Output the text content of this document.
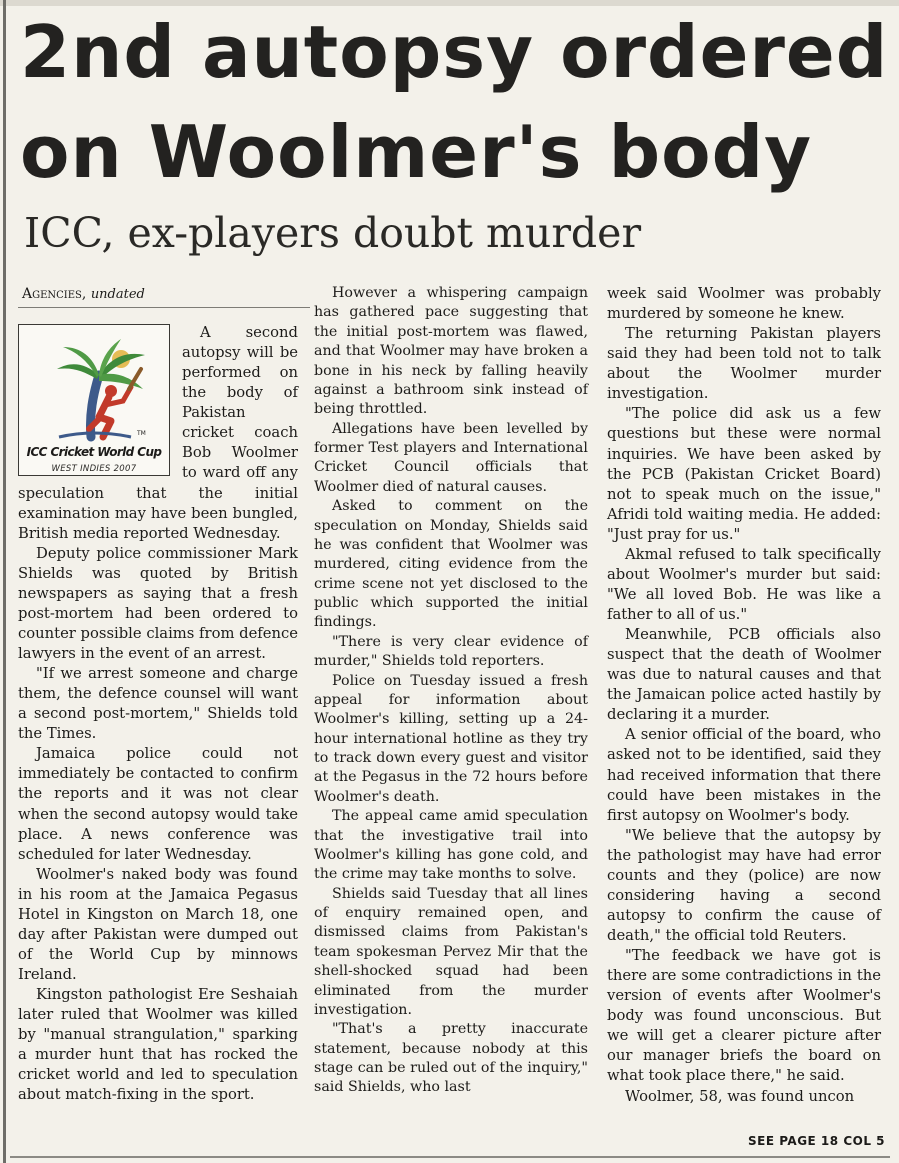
2nd autopsy ordered
on Woolmer's body
ICC, ex-players doubt murder
Agencies, undated
TM
ICC Cricket World Cup
WEST INDIES 2007

A second autopsy will be performed on the body of Pakistan cricket coach Bob Woolmer to ward off any speculation that the initial examination may have been bungled, British media reported Wednesday.

Deputy police commissioner Mark Shields was quoted by British newspapers as saying that a fresh post-mortem had been ordered to counter possible claims from defence lawyers in the event of an arrest.

"If we arrest someone and charge them, the defence counsel will want a second post-mortem," Shields told the Times.

Jamaica police could not immediately be contacted to confirm the reports and it was not clear when the second autopsy would take place. A news conference was scheduled for later Wednesday.

Woolmer's naked body was found in his room at the Jamaica Pegasus Hotel in Kingston on March 18, one day after Pakistan were dumped out of the World Cup by minnows Ireland.

Kingston pathologist Ere Seshaiah later ruled that Woolmer was killed by "manual strangulation," sparking a murder hunt that has rocked the cricket world and led to speculation about match-fixing in the sport.

However a whispering campaign has gathered pace suggesting that the initial post-mortem was flawed, and that Woolmer may have broken a bone in his neck by falling heavily against a bathroom sink instead of being throttled.

Allegations have been levelled by former Test players and International Cricket Council officials that Woolmer died of natural causes.

Asked to comment on the speculation on Monday, Shields said he was confident that Woolmer was murdered, citing evidence from the crime scene not yet disclosed to the public which supported the initial findings.

"There is very clear evidence of murder," Shields told reporters.

Police on Tuesday issued a fresh appeal for information about Woolmer's killing, setting up a 24-hour international hotline as they try to track down every guest and visitor at the Pegasus in the 72 hours before Woolmer's death.

The appeal came amid speculation that the investigative trail into Woolmer's killing has gone cold, and the crime may take months to solve.

Shields said Tuesday that all lines of enquiry remained open, and dismissed claims from Pakistan's team spokesman Pervez Mir that the shell-shocked squad had been eliminated from the murder investigation.

"That's a pretty inaccurate statement, because nobody at this stage can be ruled out of the inquiry," said Shields, who last

week said Woolmer was probably murdered by someone he knew.

The returning Pakistan players said they had been told not to talk about the Woolmer murder investigation.

"The police did ask us a few questions but these were normal inquiries. We have been asked by the PCB (Pakistan Cricket Board) not to speak much on the issue," Afridi told waiting media. He added: "Just pray for us."

Akmal refused to talk specifically about Woolmer's murder but said: "We all loved Bob. He was like a father to all of us."

Meanwhile, PCB officials also suspect that the death of Woolmer was due to natural causes and that the Jamaican police acted hastily by declaring it a murder.

A senior official of the board, who asked not to be identified, said they had received information that there could have been mistakes in the first autopsy on Woolmer's body.

"We believe that the autopsy by the pathologist may have had error counts and they (police) are now considering having a second autopsy to confirm the cause of death," the official told Reuters.

"The feedback we have got is there are some contradictions in the version of events after Woolmer's body was found unconscious. But we will get a clearer picture after our manager briefs the board on what took place there," he said.

Woolmer, 58, was found uncon

SEE PAGE 18 COL 5
